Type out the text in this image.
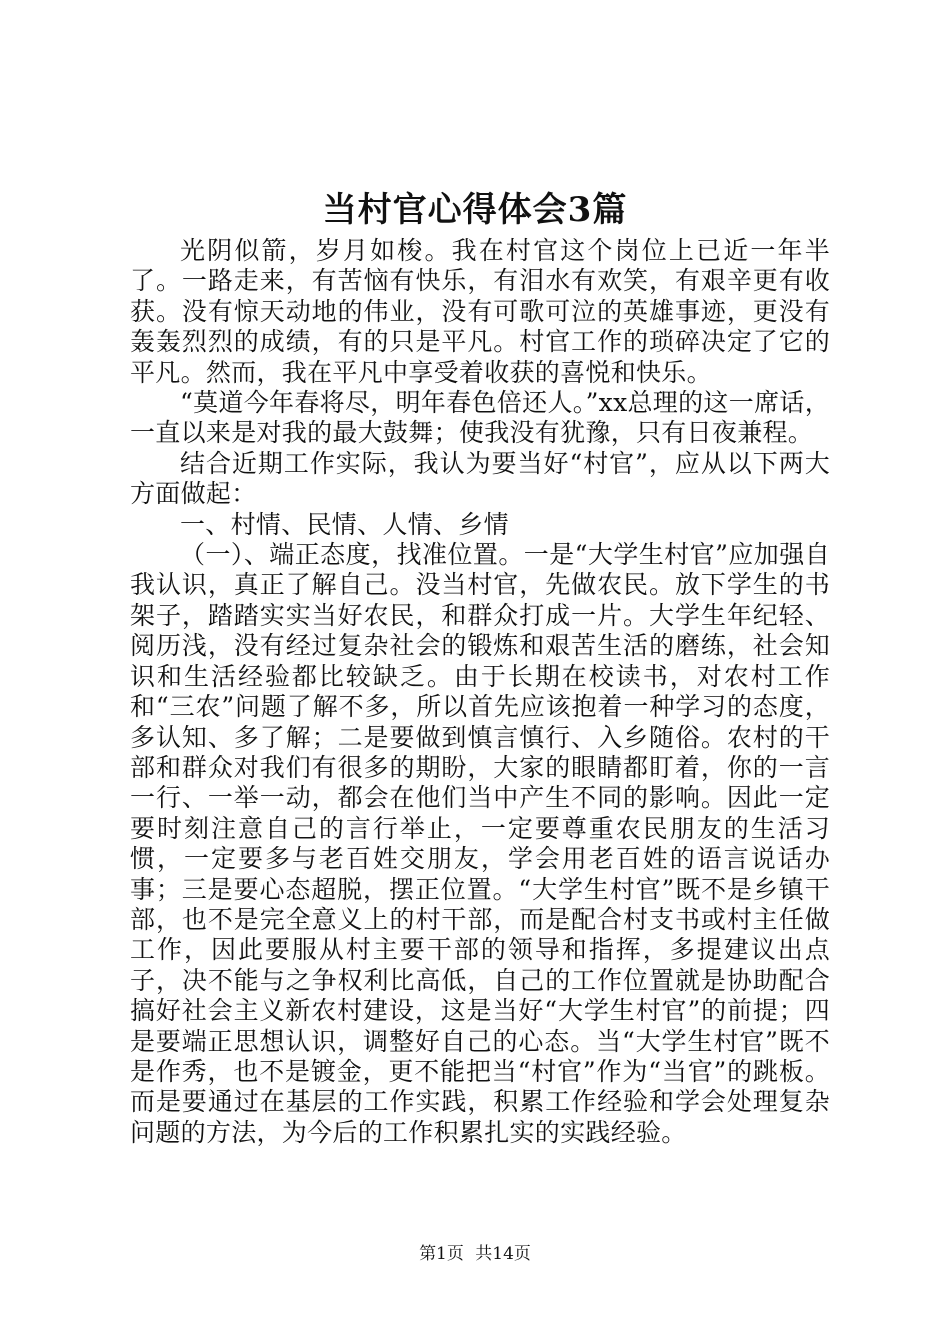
当村官心得体会3篇

光阴似箭，岁月如梭。我在村官这个岗位上已近一年半了。一路走来，有苦恼有快乐，有泪水有欢笑，有艰辛更有收获。没有惊天动地的伟业，没有可歌可泣的英雄事迹，更没有轰轰烈烈的成绩，有的只是平凡。村官工作的琐碎决定了它的平凡。然而，我在平凡中享受着收获的喜悦和快乐。

“莫道今年春将尽，明年春色倍还人。”xx总理的这一席话，一直以来是对我的最大鼓舞；使我没有犹豫，只有日夜兼程。

结合近期工作实际，我认为要当好“村官”，应从以下两大方面做起：

一、村情、民情、人情、乡情

（一）、端正态度，找准位置。一是“大学生村官”应加强自我认识，真正了解自己。没当村官，先做农民。放下学生的书架子，踏踏实实当好农民，和群众打成一片。大学生年纪轻、阅历浅，没有经过复杂社会的锻炼和艰苦生活的磨练，社会知识和生活经验都比较缺乏。由于长期在校读书，对农村工作和“三农”问题了解不多，所以首先应该抱着一种学习的态度，多认知、多了解；二是要做到慎言慎行、入乡随俗。农村的干部和群众对我们有很多的期盼，大家的眼睛都盯着，你的一言一行、一举一动，都会在他们当中产生不同的影响。因此一定要时刻注意自己的言行举止，一定要尊重农民朋友的生活习惯，一定要多与老百姓交朋友，学会用老百姓的语言说话办事；三是要心态超脱，摆正位置。“大学生村官”既不是乡镇干部，也不是完全意义上的村干部，而是配合村支书或村主任做工作，因此要服从村主要干部的领导和指挥，多提建议出点子，决不能与之争权利比高低，自己的工作位置就是协助配合搞好社会主义新农村建设，这是当好“大学生村官”的前提；四是要端正思想认识，调整好自己的心态。当“大学生村官”既不是作秀，也不是镀金，更不能把当“村官”作为“当官”的跳板。而是要通过在基层的工作实践，积累工作经验和学会处理复杂问题的方法，为今后的工作积累扎实的实践经验。

第1页 共14页
